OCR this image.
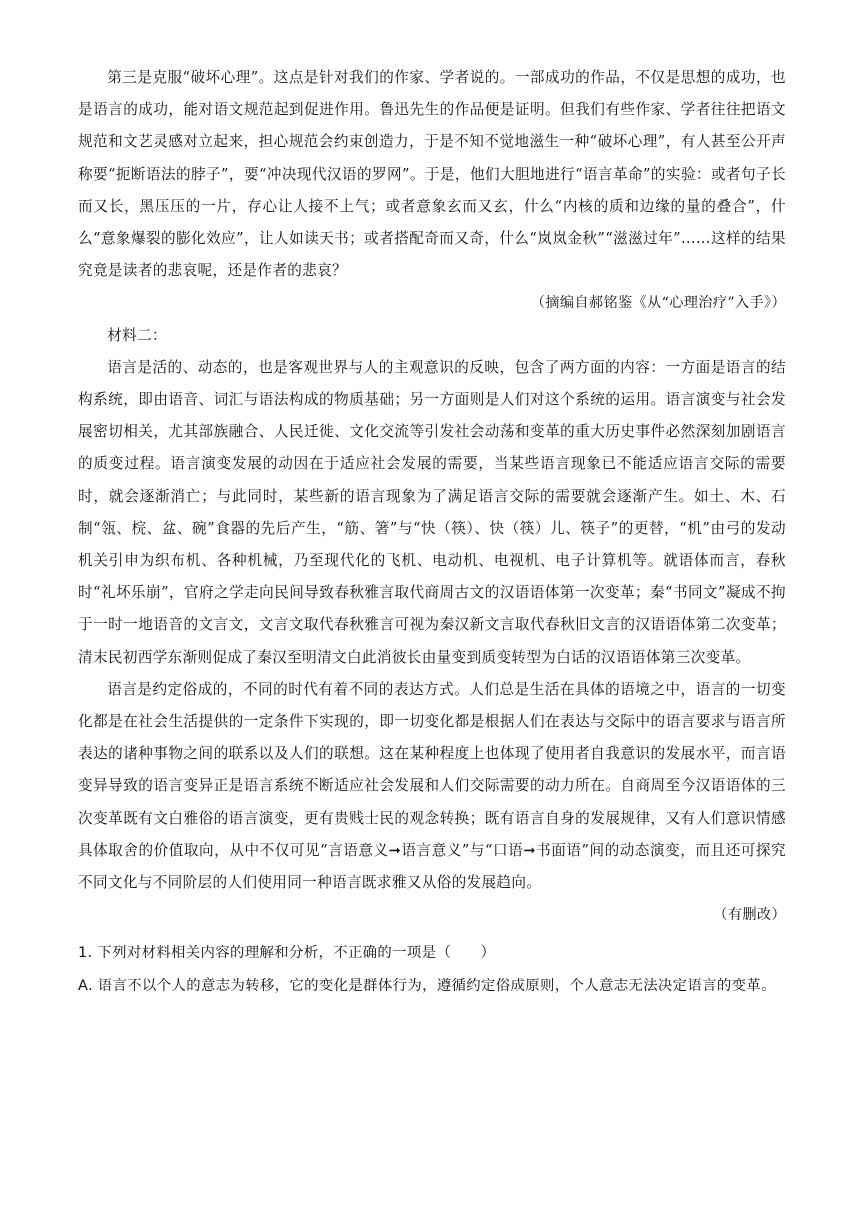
第三是克服“破坏心理”。这点是针对我们的作家、学者说的。一部成功的作品，不仅是思想的成功，也是语言的成功，能对语文规范起到促进作用。鲁迅先生的作品便是证明。但我们有些作家、学者往往把语文规范和文艺灵感对立起来，担心规范会约束创造力，于是不知不觉地滋生一种“破坏心理”，有人甚至公开声称要“扼断语法的脖子”，要“冲决现代汉语的罗网”。于是，他们大胆地进行“语言革命”的实验：或者句子长而又长，黑压压的一片，存心让人接不上气；或者意象玄而又玄，什么“内核的质和边缘的量的叠合”，什么“意象爆裂的膨化效应”，让人如读天书；或者搭配奇而又奇，什么“岚岚金秋”“滋滋过年”……这样的结果究竟是读者的悲哀呢，还是作者的悲哀？

（摘编自郝铭鉴《从“心理治疗”入手》）

材料二：

语言是活的、动态的，也是客观世界与人的主观意识的反映，包含了两方面的内容：一方面是语言的结构系统，即由语音、词汇与语法构成的物质基础；另一方面则是人们对这个系统的运用。语言演变与社会发展密切相关，尤其部族融合、人民迁徙、文化交流等引发社会动荡和变革的重大历史事件必然深刻加剧语言的质变过程。语言演变发展的动因在于适应社会发展的需要，当某些语言现象已不能适应语言交际的需要时，就会逐渐消亡；与此同时，某些新的语言现象为了满足语言交际的需要就会逐渐产生。如土、木、石制“瓴、梡、盆、碗”食器的先后产生，“筋、箸”与“快（筷）、快（筷）儿、筷子”的更替，“机”由弓的发动机关引申为织布机、各种机械，乃至现代化的飞机、电动机、电视机、电子计算机等。就语体而言，春秋时“礼坏乐崩”，官府之学走向民间导致春秋雅言取代商周古文的汉语语体第一次变革；秦“书同文”凝成不拘于一时一地语音的文言文，文言文取代春秋雅言可视为秦汉新文言取代春秋旧文言的汉语语体第二次变革；清末民初西学东渐则促成了秦汉至明清文白此消彼长由量变到质变转型为白话的汉语语体第三次变革。

语言是约定俗成的，不同的时代有着不同的表达方式。人们总是生活在具体的语境之中，语言的一切变化都是在社会生活提供的一定条件下实现的，即一切变化都是根据人们在表达与交际中的语言要求与语言所表达的诸种事物之间的联系以及人们的联想。这在某种程度上也体现了使用者自我意识的发展水平，而言语变异导致的语言变异正是语言系统不断适应社会发展和人们交际需要的动力所在。自商周至今汉语语体的三次变革既有文白雅俗的语言演变，更有贵贱士民的观念转换；既有语言自身的发展规律，又有人们意识情感具体取舍的价值取向，从中不仅可见“言语意义➞语言意义”与“口语➞书面语”间的动态演变，而且还可探究不同文化与不同阶层的人们使用同一种语言既求雅又从俗的发展趋向。

（有删改）

1. 下列对材料相关内容的理解和分析，不正确的一项是（　　）

A. 语言不以个人的意志为转移，它的变化是群体行为，遵循约定俗成原则，个人意志无法决定语言的变革。
